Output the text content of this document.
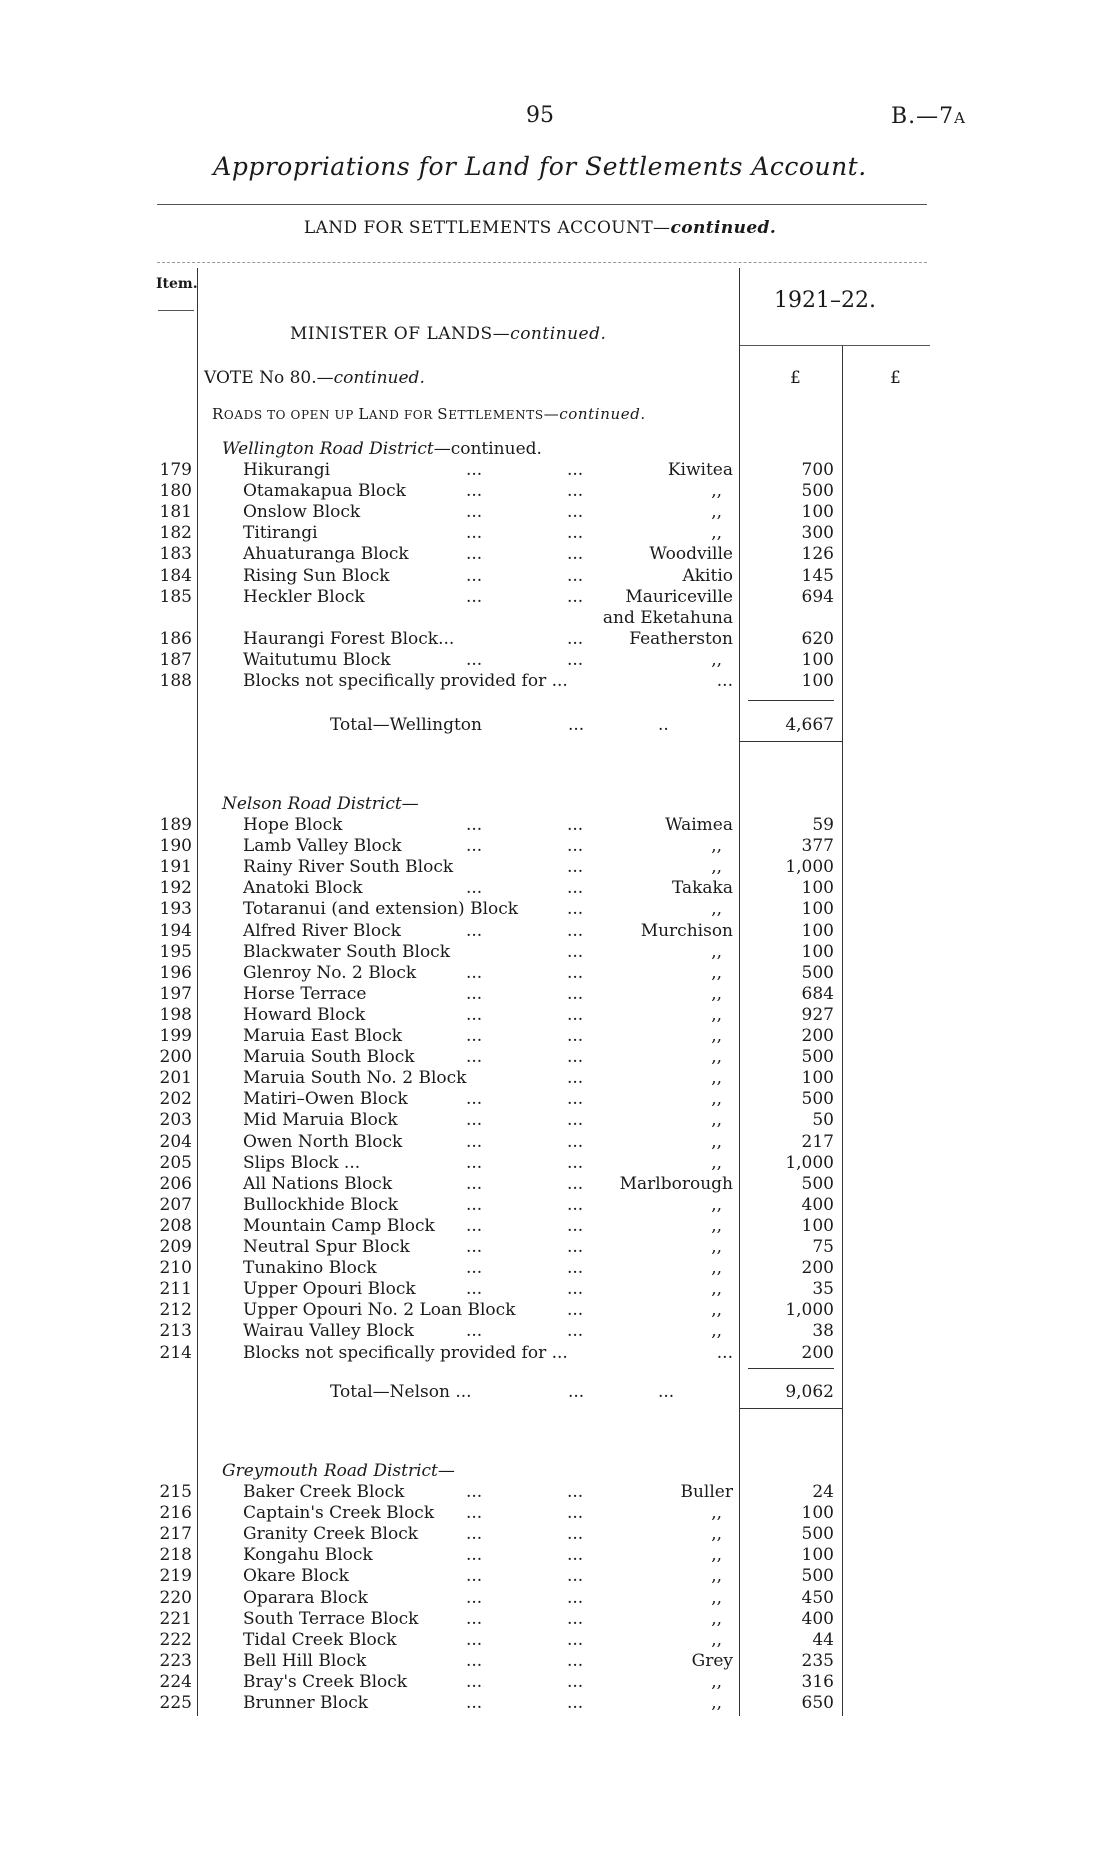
95	B.—7A
Appropriations for Land for Settlements Account.
LAND FOR SETTLEMENTS ACCOUNT—continued.
Item.
1921–22.
MINISTER OF LANDS—continued.
VOTE No 80.—continued.	£	£
ROADS TO OPEN UP LAND FOR SETTLEMENTS—continued.
Wellington Road District—continued.
179	Hikurangi	...	...	Kiwitea	700
180	Otamakapua Block	...	...	,,	500
181	Onslow Block	...	...	,,	100
182	Titirangi	...	...	,,	300
183	Ahuaturanga Block	...	...	Woodville	126
184	Rising Sun Block	...	...	Akitio	145
185	Heckler Block	...	... Mauriceville	694
and Eketahuna
186	Haurangi Forest Block...	...	Featherston	620
187	Waitutumu Block	...	...	,,	100
188	Blocks not specifically provided for ...	...	100
Total—Wellington	...	..	4,667
Nelson Road District—
189	Hope Block	...	...	Waimea	59
190	Lamb Valley Block	...	...	,,	377
191	Rainy River South Block	...	,,	1,000
192	Anatoki Block	...	...	Takaka	100
193	Totaranui (and extension) Block	...	,,	100
194	Alfred River Block	...	...	Murchison	100
195	Blackwater South Block	...	,,	100
196	Glenroy No. 2 Block	...	...	,,	500
197	Horse Terrace	...	...	,,	684
198	Howard Block	...	...	,,	927
199	Maruia East Block	...	...	,,	200
200	Maruia South Block	...	...	,,	500
201	Maruia South No. 2 Block	...	,,	100
202	Matiri–Owen Block	...	...	,,	500
203	Mid Maruia Block	...	...	,,	50
204	Owen North Block	...	...	,,	217
205	Slips Block ...	...	...	,,	1,000
206	All Nations Block	...	... Marlborough	500
207	Bullockhide Block	...	...	,,	400
208	Mountain Camp Block ...	...	,,	100
209	Neutral Spur Block	...	...	,,	75
210	Tunakino Block	...	...	,,	200
211	Upper Opouri Block	...	...	,,	35
212	Upper Opouri No. 2 Loan Block	...	,,	1,000
213	Wairau Valley Block	...	...	,,	38
214	Blocks not specifically provided for ...	...	200
Total—Nelson ...	...	...	9,062
Greymouth Road District—
215	Baker Creek Block	...	...	Buller	24
216	Captain's Creek Block ...	...	,,	100
217	Granity Creek Block	...	...	,,	500
218	Kongahu Block	...	...	,,	100
219	Okare Block	...	...	,,	500
220	Oparara Block	...	...	,,	450
221	South Terrace Block	...	...	,,	400
222	Tidal Creek Block	...	...	,,	44
223	Bell Hill Block	...	...	Grey	235
224	Bray's Creek Block	...	...	,,	316
225	Brunner Block	...	...	,,	650
